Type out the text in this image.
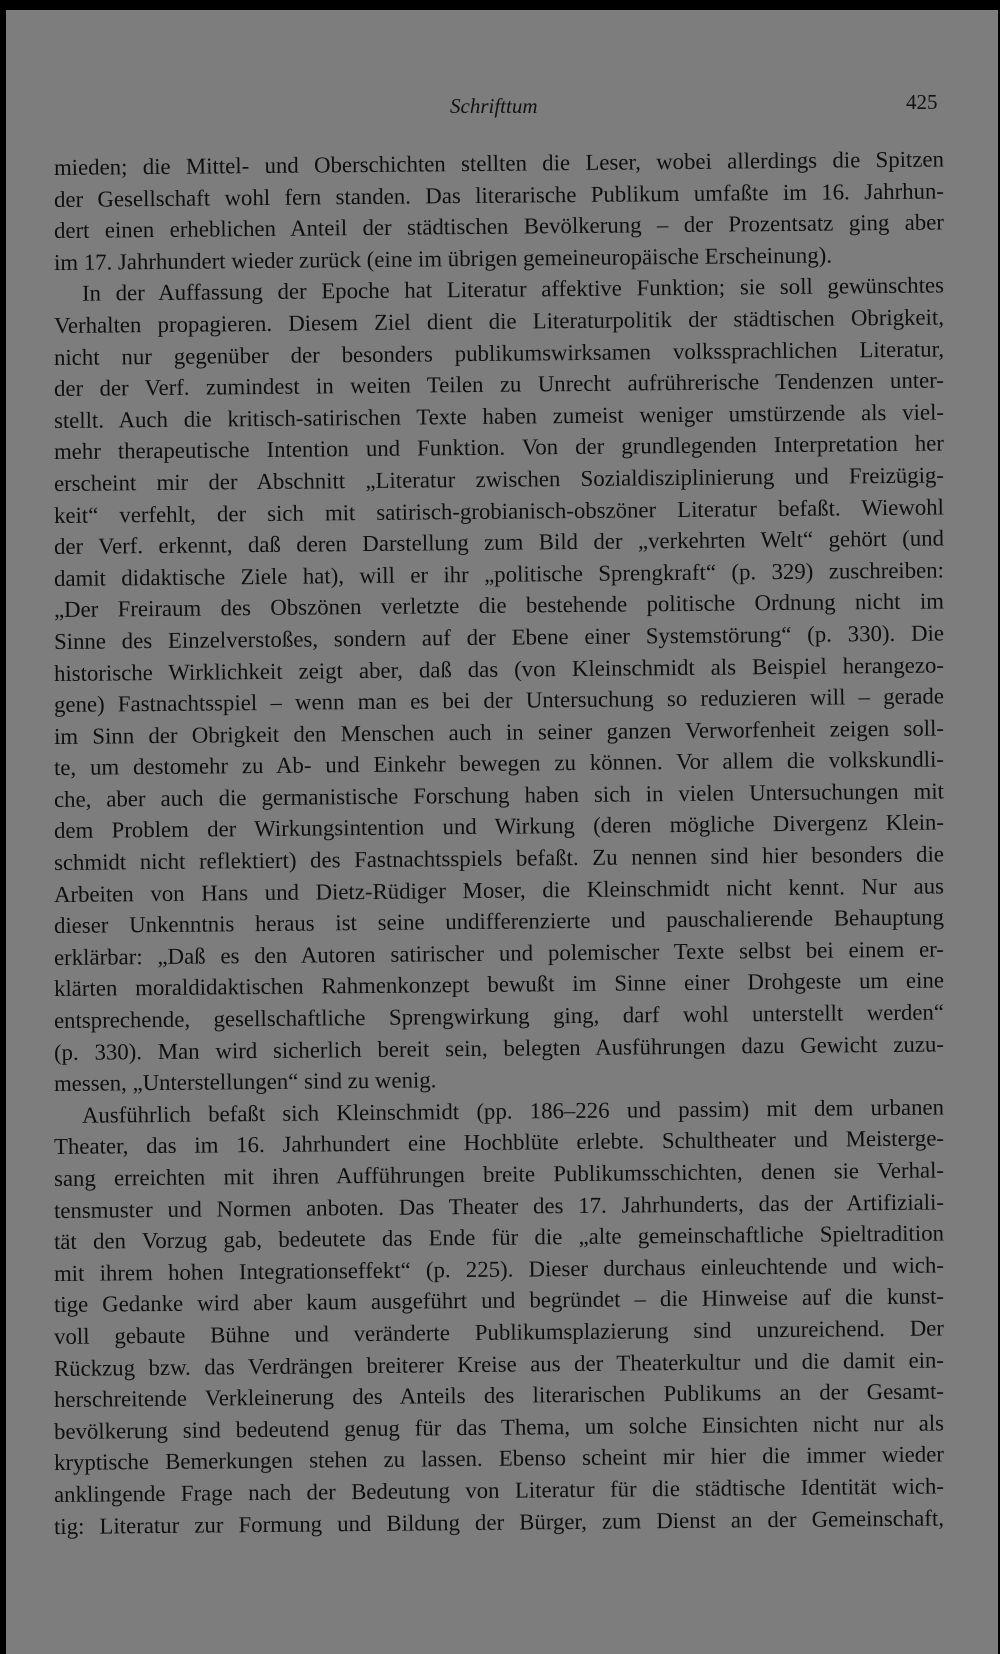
Schrifttum	425
mieden; die Mittel- und Oberschichten stellten die Leser, wobei allerdings die Spitzen
der Gesellschaft wohl fern standen. Das literarische Publikum umfaßte im 16. Jahrhun-
dert einen erheblichen Anteil der städtischen Bevölkerung – der Prozentsatz ging aber
im 17. Jahrhundert wieder zurück (eine im übrigen gemeineuropäische Erscheinung).
In der Auffassung der Epoche hat Literatur affektive Funktion; sie soll gewünschtes
Verhalten propagieren. Diesem Ziel dient die Literaturpolitik der städtischen Obrigkeit,
nicht nur gegenüber der besonders publikumswirksamen volkssprachlichen Literatur,
der der Verf. zumindest in weiten Teilen zu Unrecht aufrührerische Tendenzen unter-
stellt. Auch die kritisch-satirischen Texte haben zumeist weniger umstürzende als viel-
mehr therapeutische Intention und Funktion. Von der grundlegenden Interpretation her
erscheint mir der Abschnitt „Literatur zwischen Sozialdisziplinierung und Freizügig-
keit“ verfehlt, der sich mit satirisch-grobianisch-obszöner Literatur befaßt. Wiewohl
der Verf. erkennt, daß deren Darstellung zum Bild der „verkehrten Welt“ gehört (und
damit didaktische Ziele hat), will er ihr „politische Sprengkraft“ (p. 329) zuschreiben:
„Der Freiraum des Obszönen verletzte die bestehende politische Ordnung nicht im
Sinne des Einzelverstoßes, sondern auf der Ebene einer Systemstörung“ (p. 330). Die
historische Wirklichkeit zeigt aber, daß das (von Kleinschmidt als Beispiel herangezo-
gene) Fastnachtsspiel – wenn man es bei der Untersuchung so reduzieren will – gerade
im Sinn der Obrigkeit den Menschen auch in seiner ganzen Verworfenheit zeigen soll-
te, um destomehr zu Ab- und Einkehr bewegen zu können. Vor allem die volkskundli-
che, aber auch die germanistische Forschung haben sich in vielen Untersuchungen mit
dem Problem der Wirkungsintention und Wirkung (deren mögliche Divergenz Klein-
schmidt nicht reflektiert) des Fastnachtsspiels befaßt. Zu nennen sind hier besonders die
Arbeiten von Hans und Dietz-Rüdiger Moser, die Kleinschmidt nicht kennt. Nur aus
dieser Unkenntnis heraus ist seine undifferenzierte und pauschalierende Behauptung
erklärbar: „Daß es den Autoren satirischer und polemischer Texte selbst bei einem er-
klärten moraldidaktischen Rahmenkonzept bewußt im Sinne einer Drohgeste um eine
entsprechende, gesellschaftliche Sprengwirkung ging, darf wohl unterstellt werden“
(p. 330). Man wird sicherlich bereit sein, belegten Ausführungen dazu Gewicht zuzu-
messen, „Unterstellungen“ sind zu wenig.
Ausführlich befaßt sich Kleinschmidt (pp. 186–226 und passim) mit dem urbanen
Theater, das im 16. Jahrhundert eine Hochblüte erlebte. Schultheater und Meisterge-
sang erreichten mit ihren Aufführungen breite Publikumsschichten, denen sie Verhal-
tensmuster und Normen anboten. Das Theater des 17. Jahrhunderts, das der Artifiziali-
tät den Vorzug gab, bedeutete das Ende für die „alte gemeinschaftliche Spieltradition
mit ihrem hohen Integrationseffekt“ (p. 225). Dieser durchaus einleuchtende und wich-
tige Gedanke wird aber kaum ausgeführt und begründet – die Hinweise auf die kunst-
voll gebaute Bühne und veränderte Publikumsplazierung sind unzureichend. Der
Rückzug bzw. das Verdrängen breiterer Kreise aus der Theaterkultur und die damit ein-
herschreitende Verkleinerung des Anteils des literarischen Publikums an der Gesamt-
bevölkerung sind bedeutend genug für das Thema, um solche Einsichten nicht nur als
kryptische Bemerkungen stehen zu lassen. Ebenso scheint mir hier die immer wieder
anklingende Frage nach der Bedeutung von Literatur für die städtische Identität wich-
tig: Literatur zur Formung und Bildung der Bürger, zum Dienst an der Gemeinschaft,
